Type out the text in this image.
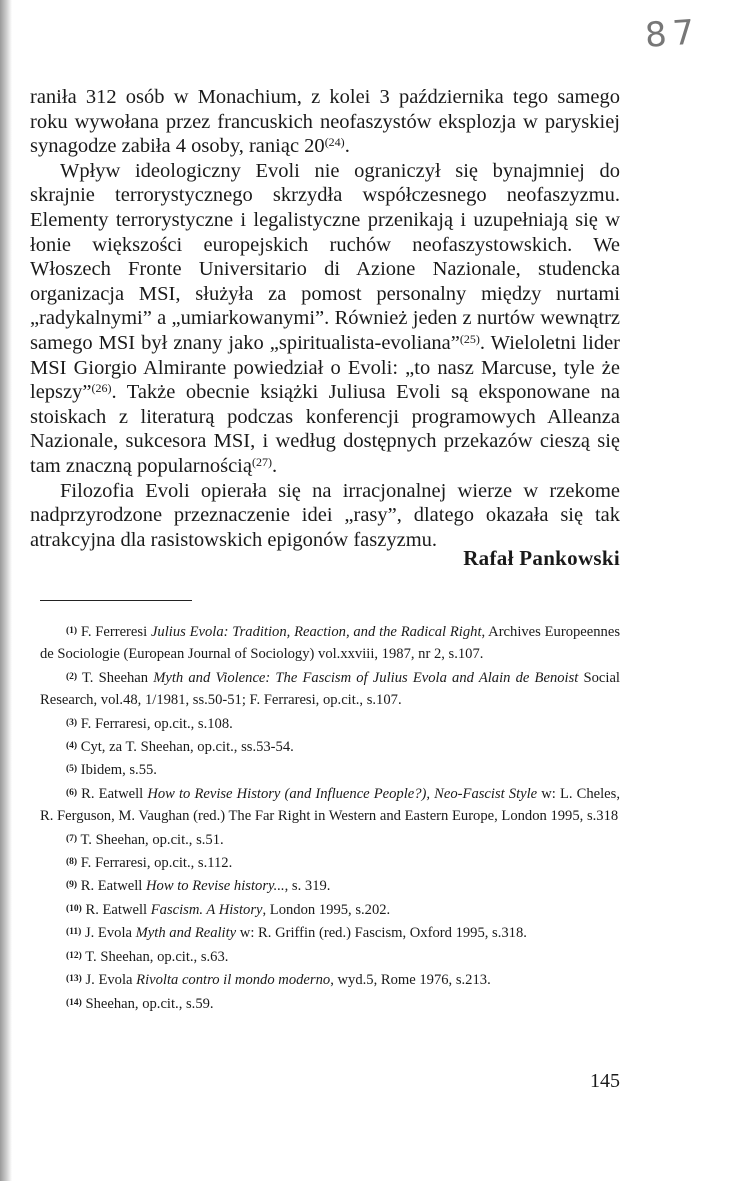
87

raniła 312 osób w Monachium, z kolei 3 października tego samego roku wywołana przez francuskich neofaszystów eksplozja w paryskiej synagodze zabiła 4 osoby, raniąc 20$^{(24)}$.

Wpływ ideologiczny Evoli nie ograniczył się bynajmniej do skrajnie terrorystycznego skrzydła współczesnego neofaszyzmu. Elementy terrorystyczne i legalistyczne przenikają i uzupełniają się w łonie większości europejskich ruchów neofaszystowskich. We Włoszech Fronte Universitario di Azione Nazionale, studencka organizacja MSI, służyła za pomost personalny między nurtami „radykalnymi” a „umiarkowanymi”. Również jeden z nurtów wewnątrz samego MSI był znany jako „spiritualista-evoliana”$^{(25)}$. Wieloletni lider MSI Giorgio Almirante powiedział o Evoli: „to nasz Marcuse, tyle że lepszy”$^{(26)}$. Także obecnie książki Juliusa Evoli są eksponowane na stoiskach z literaturą podczas konferencji programowych Alleanza Nazionale, sukcesora MSI, i według dostępnych przekazów cieszą się tam znaczną popularnością$^{(27)}$.

Filozofia Evoli opierała się na irracjonalnej wierze w rzekome nadprzyrodzone przeznaczenie idei „rasy”, dlatego okazała się tak atrakcyjna dla rasistowskich epigonów faszyzmu.

Rafał Pankowski

$^{(1)}$ F. Ferreresi Julius Evola: Tradition, Reaction, and the Radical Right, Archives Europeennes de Sociologie (European Journal of Sociology) vol.xxviii, 1987, nr 2, s.107.

$^{(2)}$ T. Sheehan Myth and Violence: The Fascism of Julius Evola and Alain de Benoist Social Research, vol.48, 1/1981, ss.50-51; F. Ferraresi, op.cit., s.107.

$^{(3)}$ F. Ferraresi, op.cit., s.108.

$^{(4)}$ Cyt, za T. Sheehan, op.cit., ss.53-54.

$^{(5)}$ Ibidem, s.55.

$^{(6)}$ R. Eatwell How to Revise History (and Influence People?), Neo-Fascist Style w: L. Cheles, R. Ferguson, M. Vaughan (red.) The Far Right in Western and Eastern Europe, London 1995, s.318

$^{(7)}$ T. Sheehan, op.cit., s.51.

$^{(8)}$ F. Ferraresi, op.cit., s.112.

$^{(9)}$ R. Eatwell How to Revise history..., s. 319.

$^{(10)}$ R. Eatwell Fascism. A History, London 1995, s.202.

$^{(11)}$ J. Evola Myth and Reality w: R. Griffin (red.) Fascism, Oxford 1995, s.318.

$^{(12)}$ T. Sheehan, op.cit., s.63.

$^{(13)}$ J. Evola Rivolta contro il mondo moderno, wyd.5, Rome 1976, s.213.

$^{(14)}$ Sheehan, op.cit., s.59.

145
